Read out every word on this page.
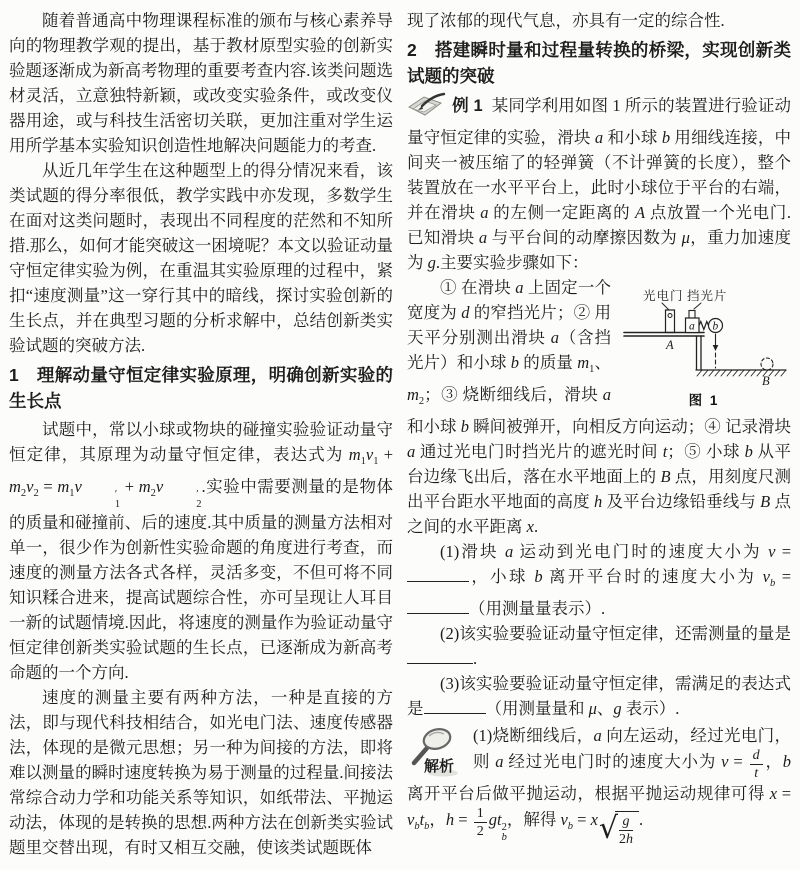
随着普通高中物理课程标准的颁布与核心素养导向的物理教学观的提出，基于教材原型实验的创新实验题逐渐成为新高考物理的重要考查内容.该类问题选材灵活，立意独特新颖，或改变实验条件，或改变仪器用途，或与科技生活密切关联，更加注重对学生运用所学基本实验知识创造性地解决问题能力的考查.

从近几年学生在这种题型上的得分情况来看，该类试题的得分率很低，教学实践中亦发现，多数学生在面对这类问题时，表现出不同程度的茫然和不知所措.那么，如何才能突破这一困境呢？本文以验证动量守恒定律实验为例，在重温其实验原理的过程中，紧扣“速度测量”这一穿行其中的暗线，探讨实验创新的生长点，并在典型习题的分析求解中，总结创新类实验试题的突破方法.

1　理解动量守恒定律实验原理，明确创新实验的生长点

试题中，常以小球或物块的碰撞实验验证动量守恒定律，其原理为动量守恒定律，表达式为 $m_1v_1 + m_2v_2 = m_1v$	′
1
+ $m_2v$	′
2
.实验中需要测量的是物体的质量和碰撞前、后的速度.其中质量的测量方法相对单一，很少作为创新性实验命题的角度进行考查，而速度的测量方法各式各样，灵活多变，不但可将不同知识糅合进来，提高试题综合性，亦可呈现让人耳目一新的试题情境.因此，将速度的测量作为验证动量守恒定律创新类实验试题的生长点，已逐渐成为新高考命题的一个方向.

速度的测量主要有两种方法，一种是直接的方法，即与现代科技相结合，如光电门法、速度传感器法，体现的是微元思想；另一种为间接的方法，即将难以测量的瞬时速度转换为易于测量的过程量.间接法常综合动力学和功能关系等知识，如纸带法、平抛运动法，体现的是转换的思想.两种方法在创新类实验试题里交替出现，有时又相互交融，使该类试题既体

现了浓郁的现代气息，亦具有一定的综合性.

2　搭建瞬时量和过程量转换的桥梁，实现创新类试题的突破

例 1 某同学利用如图 1 所示的装置进行验证动量守恒定律的实验，滑块 a 和小球 b 用细线连接，中间夹一被压缩了的轻弹簧（不计弹簧的长度），整个装置放在一水平平台上，此时小球位于平台的右端，并在滑块 a 的左侧一定距离的 A 点放置一个光电门.已知滑块 a 与平台间的动摩擦因数为 μ，重力加速度为 g.主要实验步骤如下：

光电门 挡光片
a b
A
B
图 1

① 在滑块 a 上固定一个宽度为 d 的窄挡光片；② 用天平分别测出滑块 a（含挡光片）和小球 b 的质量 $m_1$、$m_2$；③ 烧断细线后，滑块 a 和小球 b 瞬间被弹开，向相反方向运动；④ 记录滑块 a 通过光电门时挡光片的遮光时间 t；⑤ 小球 b 从平台边缘飞出后，落在水平地面上的 B 点，用刻度尺测出平台距水平地面的高度 h 及平台边缘铅垂线与 B 点之间的水平距离 x.

(1)滑块 a 运动到光电门时的速度大小为 v = ，小球 b 离开平台时的速度大小为 $v_b$ = （用测量量表示）.

(2)该实验要验证动量守恒定律，还需测量的量是.

(3)该实验要验证动量守恒定律，需满足的表达式是	（用测量量和 μ、g 表示）.

解析

(1)烧断细线后，a 向左运动，经过光电门，则 a 经过光电门时的速度大小为 $v = \frac{d}{t}$ ，b 离开平台后做平抛运动，根据平抛运动规律可得 $x = v_bt_b$，$h = \frac{1}{2}$ gt 2
b
，解得 $v_b = x$ √ $\frac{g}{2h}$ .
